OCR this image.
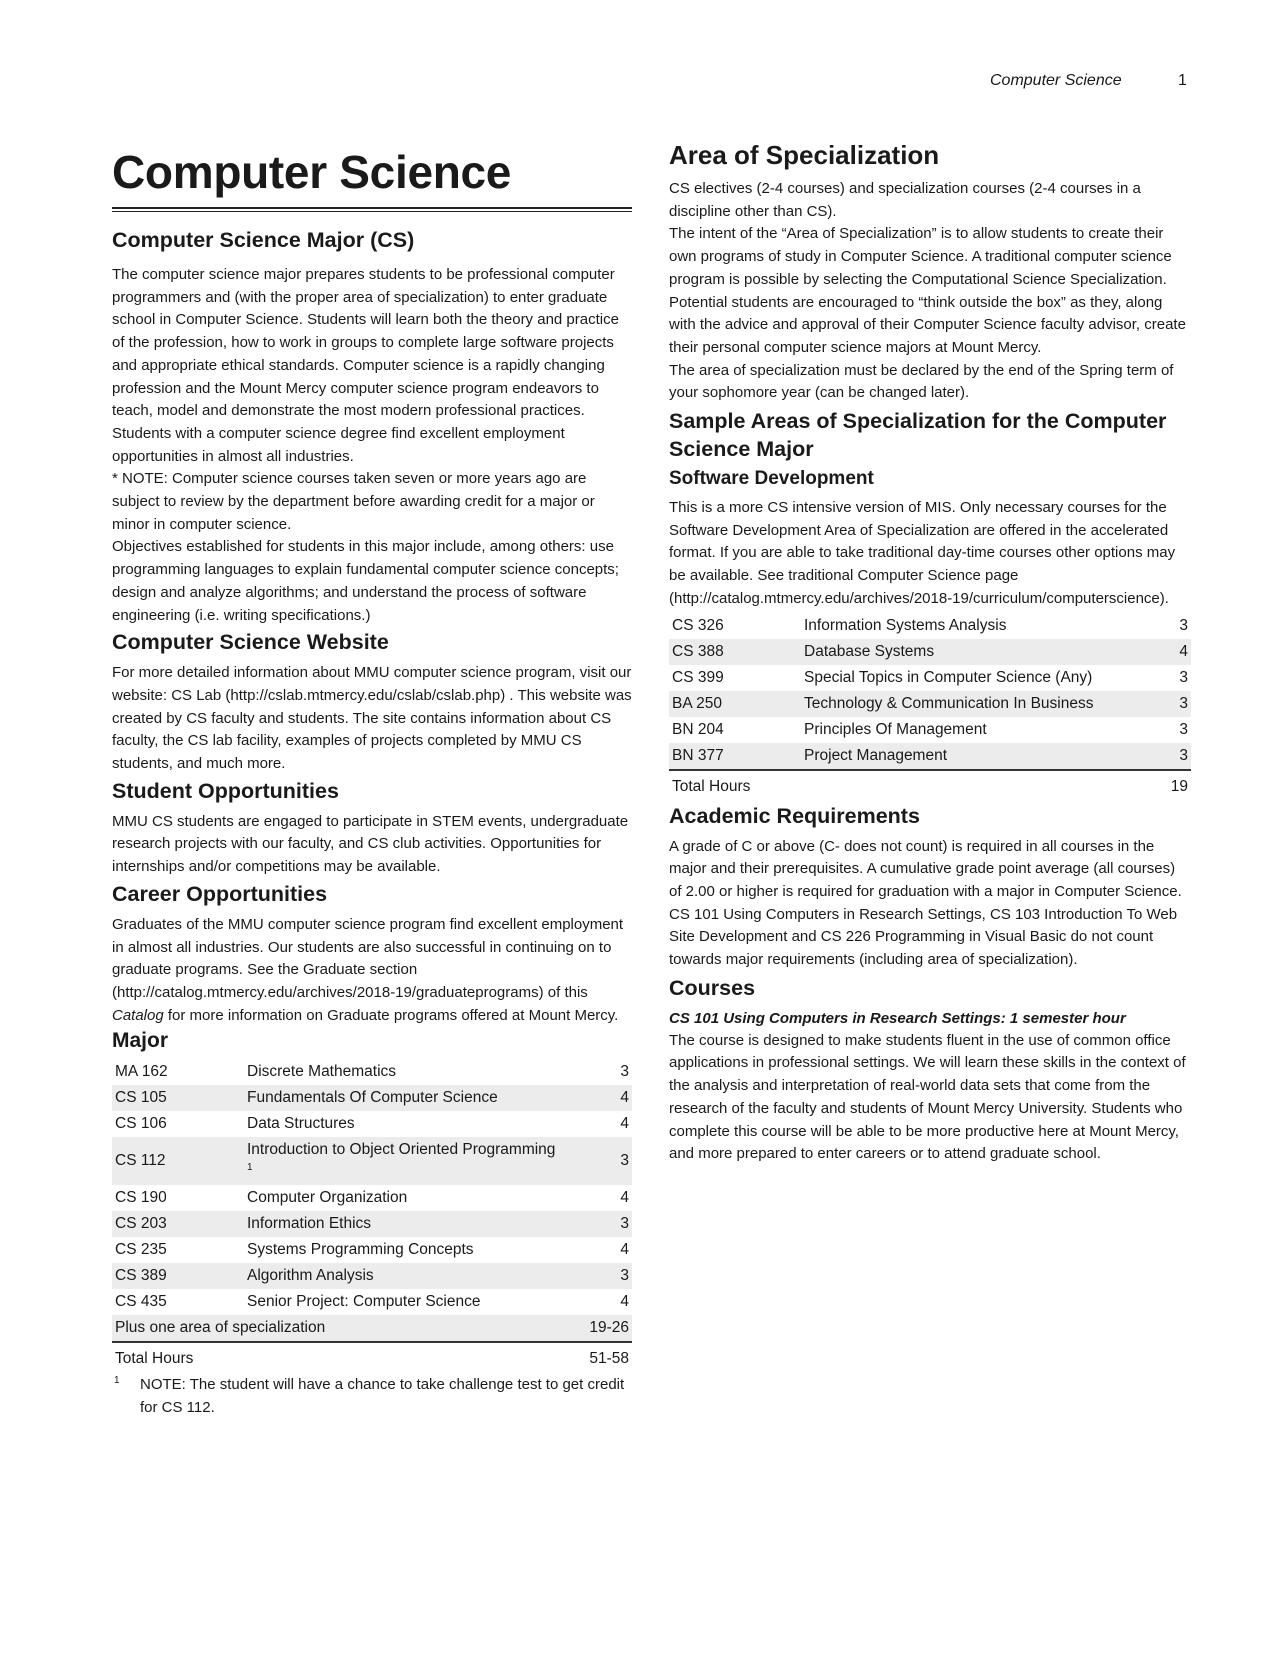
Computer Science	1
Computer Science
Computer Science Major (CS)

The computer science major prepares students to be professional computer programmers and (with the proper area of specialization) to enter graduate school in Computer Science. Students will learn both the theory and practice of the profession, how to work in groups to complete large software projects and appropriate ethical standards. Computer science is a rapidly changing profession and the Mount Mercy computer science program endeavors to teach, model and demonstrate the most modern professional practices. Students with a computer science degree find excellent employment opportunities in almost all industries.

* NOTE: Computer science courses taken seven or more years ago are subject to review by the department before awarding credit for a major or minor in computer science.

Objectives established for students in this major include, among others: use programming languages to explain fundamental computer science concepts; design and analyze algorithms; and understand the process of software engineering (i.e. writing specifications.)

Computer Science Website

For more detailed information about MMU computer science program, visit our website: CS Lab (http://cslab.mtmercy.edu/cslab/cslab.php) . This website was created by CS faculty and students. The site contains information about CS faculty, the CS lab facility, examples of projects completed by MMU CS students, and much more.

Student Opportunities

MMU CS students are engaged to participate in STEM events, undergraduate research projects with our faculty, and CS club activities. Opportunities for internships and/or competitions may be available.

Career Opportunities

Graduates of the MMU computer science program find excellent employment in almost all industries. Our students are also successful in continuing on to graduate programs. See the Graduate section (http://catalog.mtmercy.edu/archives/2018-19/graduateprograms) of this Catalog for more information on Graduate programs offered at Mount Mercy.

Major
MA 162	Discrete Mathematics	3
CS 105	Fundamentals Of Computer Science	4
CS 106	Data Structures	4
CS 112	Introduction to Object Oriented Programming $^1$	3
CS 190	Computer Organization	4
CS 203	Information Ethics	3
CS 235	Systems Programming Concepts	4
CS 389	Algorithm Analysis	3
CS 435	Senior Project: Computer Science	4
Plus one area of specialization		19-26
Total Hours		51-58
1 NOTE: The student will have a chance to take challenge test to get credit for CS 112.
Area of Specialization

CS electives (2-4 courses) and specialization courses (2-4 courses in a discipline other than CS).

The intent of the “Area of Specialization” is to allow students to create their own programs of study in Computer Science. A traditional computer science program is possible by selecting the Computational Science Specialization. Potential students are encouraged to “think outside the box” as they, along with the advice and approval of their Computer Science faculty advisor, create their personal computer science majors at Mount Mercy.

The area of specialization must be declared by the end of the Spring term of your sophomore year (can be changed later).

Sample Areas of Specialization for the Computer Science Major
Software Development

This is a more CS intensive version of MIS. Only necessary courses for the Software Development Area of Specialization are offered in the accelerated format. If you are able to take traditional day-time courses other options may be available. See traditional Computer Science page (http://catalog.mtmercy.edu/archives/2018-19/curriculum/computerscience).

CS 326	Information Systems Analysis	3
CS 388	Database Systems	4
CS 399	Special Topics in Computer Science (Any)	3
BA 250	Technology & Communication In Business	3
BN 204	Principles Of Management	3
BN 377	Project Management	3
Total Hours		19
Academic Requirements

A grade of C or above (C- does not count) is required in all courses in the major and their prerequisites. A cumulative grade point average (all courses) of 2.00 or higher is required for graduation with a major in Computer Science. CS 101 Using Computers in Research Settings, CS 103 Introduction To Web Site Development and CS 226 Programming in Visual Basic do not count towards major requirements (including area of specialization).

Courses

CS 101 Using Computers in Research Settings: 1 semester hour

The course is designed to make students fluent in the use of common office applications in professional settings. We will learn these skills in the context of the analysis and interpretation of real-world data sets that come from the research of the faculty and students of Mount Mercy University. Students who complete this course will be able to be more productive here at Mount Mercy, and more prepared to enter careers or to attend graduate school.
